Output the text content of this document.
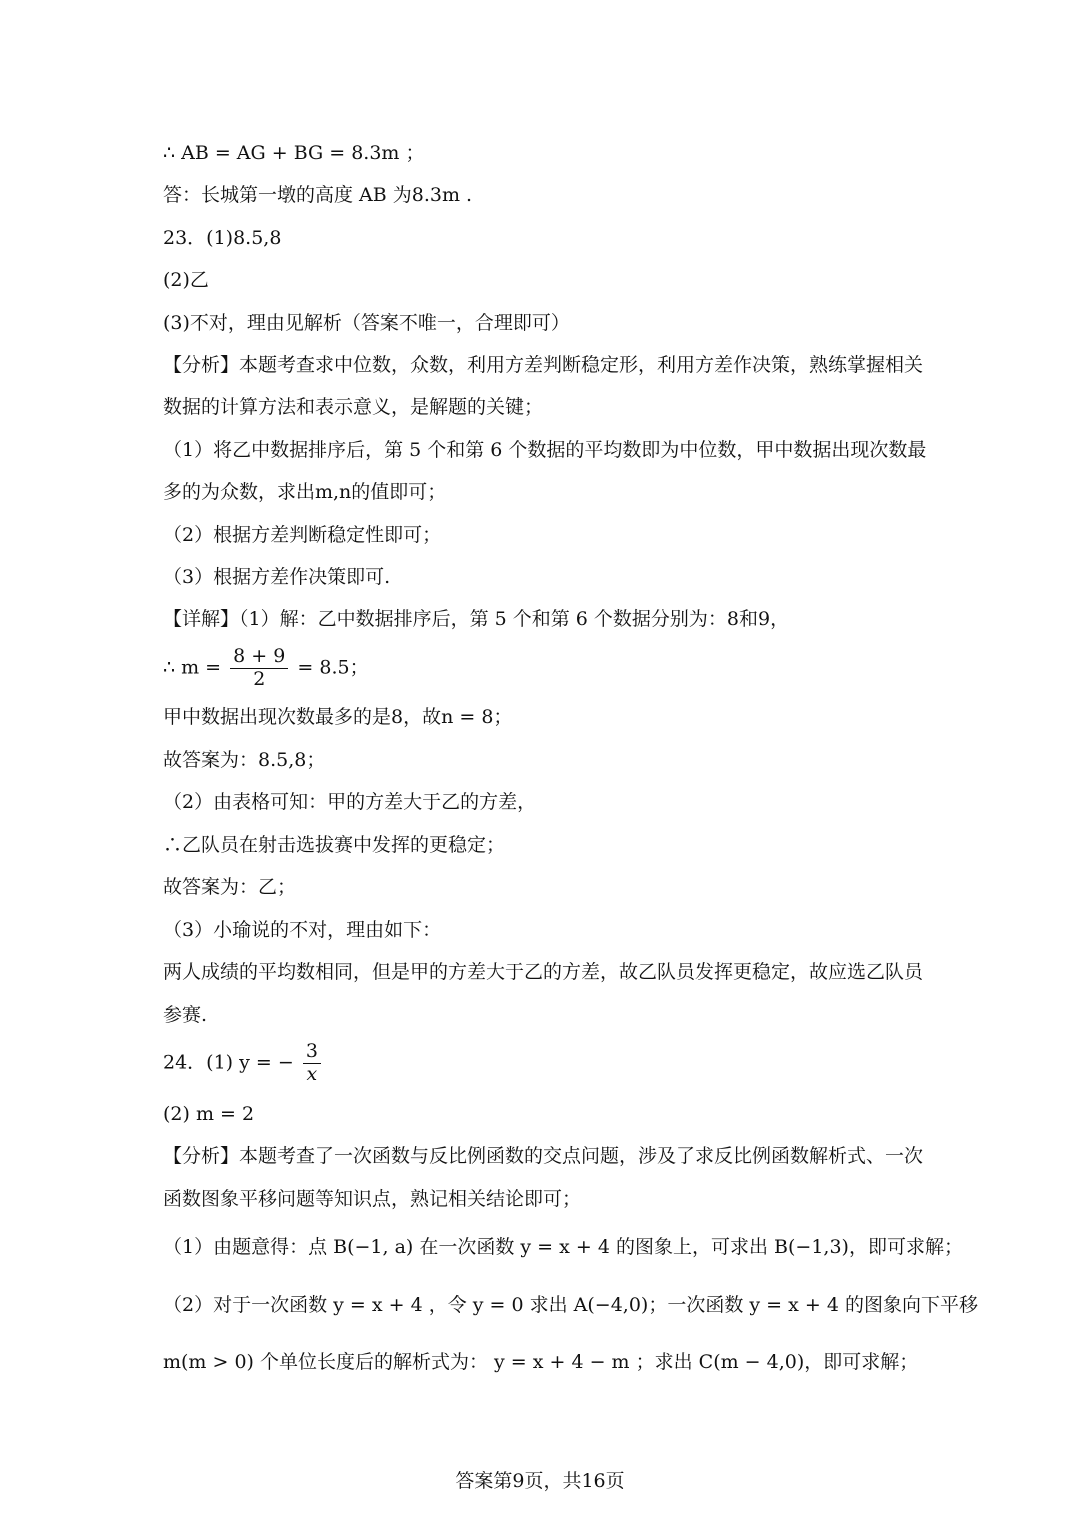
∴ AB = AG + BG = 8.3m ；
答：长城第一墩的高度 AB 为8.3m .
23．(1)8.5,8
(2)乙
(3)不对，理由见解析（答案不唯一，合理即可）
【分析】本题考查求中位数，众数，利用方差判断稳定形，利用方差作决策，熟练掌握相关
数据的计算方法和表示意义，是解题的关键；
（1）将乙中数据排序后，第 5 个和第 6 个数据的平均数即为中位数，甲中数据出现次数最
多的为众数，求出m,n的值即可；
（2）根据方差判断稳定性即可；
（3）根据方差作决策即可.
【详解】（1）解：乙中数据排序后，第 5 个和第 6 个数据分别为：8和9，
∴ $m = \frac{8 + 9}{2} = 8.5$；
甲中数据出现次数最多的是8，故n = 8；
故答案为：8.5,8；
（2）由表格可知：甲的方差大于乙的方差，
∴乙队员在射击选拔赛中发挥的更稳定；
故答案为：乙；
（3）小瑜说的不对，理由如下：
两人成绩的平均数相同，但是甲的方差大于乙的方差，故乙队员发挥更稳定，故应选乙队员
参赛.
24．(1) y = − $\frac{3}{x}$
(2) m = 2
【分析】本题考查了一次函数与反比例函数的交点问题，涉及了求反比例函数解析式、一次
函数图象平移问题等知识点，熟记相关结论即可；
（1）由题意得：点 B(−1, a) 在一次函数 y = x + 4 的图象上，可求出 B(−1,3)，即可求解；
（2）对于一次函数 y = x + 4 ，令 y = 0 求出 A(−4,0)；一次函数 y = x + 4 的图象向下平移
m(m > 0) 个单位长度后的解析式为： y = x + 4 − m ；求出 C(m − 4,0)，即可求解；
答案第9页，共16页
